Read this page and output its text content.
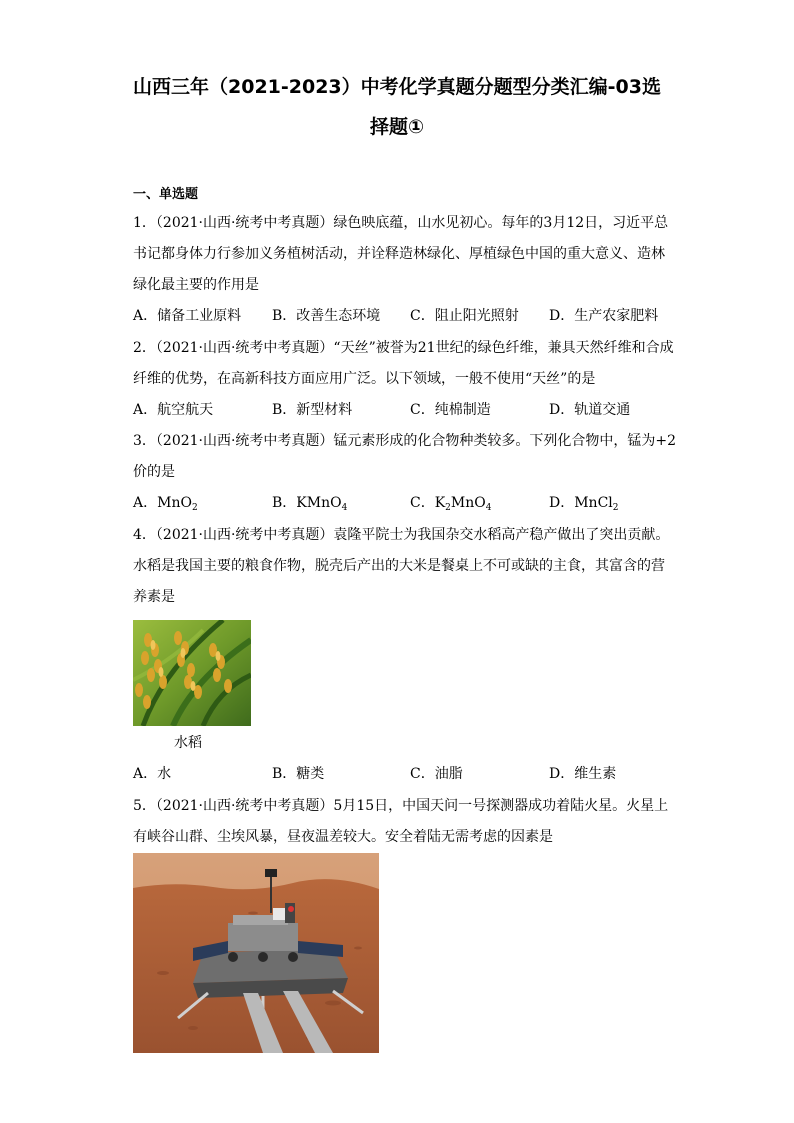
山西三年（2021-2023）中考化学真题分题型分类汇编-03选
择题①
一、单选题
1．（2021·山西·统考中考真题）绿色映底蕴，山水见初心。每年的3月12日，习近平总
书记都身体力行参加义务植树活动，并诠释造林绿化、厚植绿色中国的重大意义、造林
绿化最主要的作用是
A．储备工业原料 B．改善生态环境 C．阻止阳光照射 D．生产农家肥料
2．（2021·山西·统考中考真题）“天丝”被誉为21世纪的绿色纤维，兼具天然纤维和合成
纤维的优势，在高新科技方面应用广泛。以下领域，一般不使用“天丝”的是
A．航空航天	B．新型材料	C．纯棉制造	D．轨道交通
3．（2021·山西·统考中考真题）锰元素形成的化合物种类较多。下列化合物中，锰为+2
价的是
A．MnO$_2$	B．KMnO$_4$	C．$K_2MnO_4$	D．MnCl$_2$
4．（2021·山西·统考中考真题）袁隆平院士为我国杂交水稻高产稳产做出了突出贡献。
水稻是我国主要的粮食作物，脱壳后产出的大米是餐桌上不可或缺的主食，其富含的营
养素是
水稻
A．水	B．糖类	C．油脂	D．维生素
5．（2021·山西·统考中考真题）5月15日，中国天问一号探测器成功着陆火星。火星上
有峡谷山群、尘埃风暴，昼夜温差较大。安全着陆无需考虑的因素是
